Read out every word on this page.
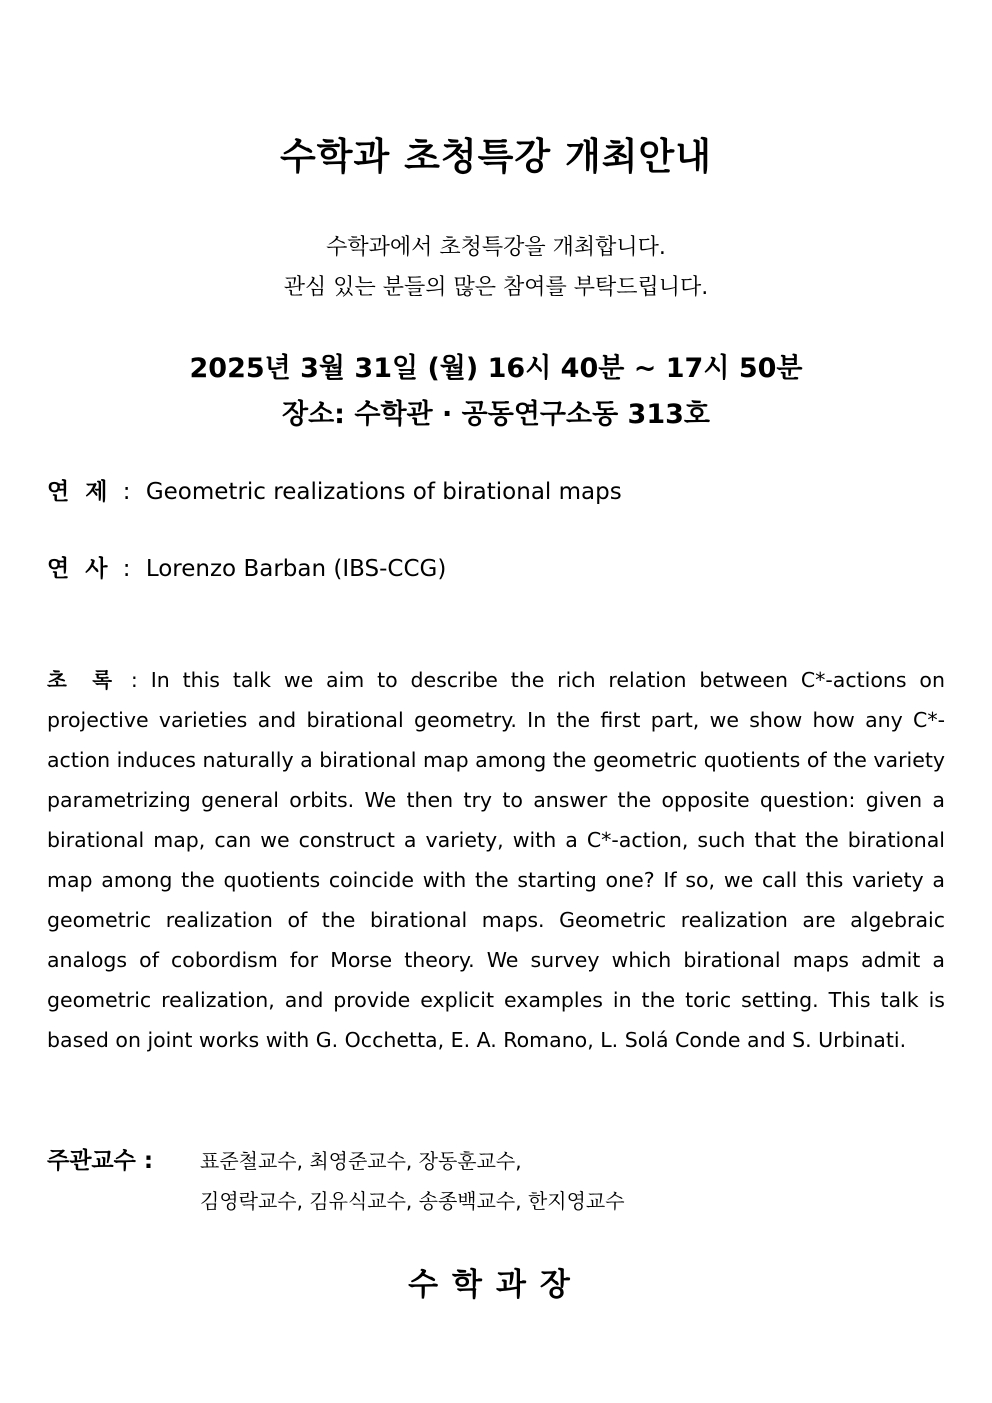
수학과 초청특강 개최안내
수학과에서 초청특강을 개최합니다.
관심 있는 분들의 많은 참여를 부탁드립니다.
2025년 3월 31일 (월) 16시 40분 ~ 17시 50분
장소: 수학관 · 공동연구소동 313호
연 제 : Geometric realizations of birational maps
연 사 : Lorenzo Barban (IBS-CCG)
초 록 : In this talk we aim to describe the rich relation between C*-actions on projective varieties and birational geometry. In the first part, we show how any C*-action induces naturally a birational map among the geometric quotients of the variety parametrizing general orbits. We then try to answer the opposite question: given a birational map, can we construct a variety, with a C*-action, such that the birational map among the quotients coincide with the starting one? If so, we call this variety a geometric realization of the birational maps. Geometric realization are algebraic analogs of cobordism for Morse theory. We survey which birational maps admit a geometric realization, and provide explicit examples in the toric setting. This talk is based on joint works with G. Occhetta, E. A. Romano, L. Solá Conde and S. Urbinati.
주관교수 : 표준철교수, 최영준교수, 장동훈교수,
김영락교수, 김유식교수, 송종백교수, 한지영교수
수학과장
